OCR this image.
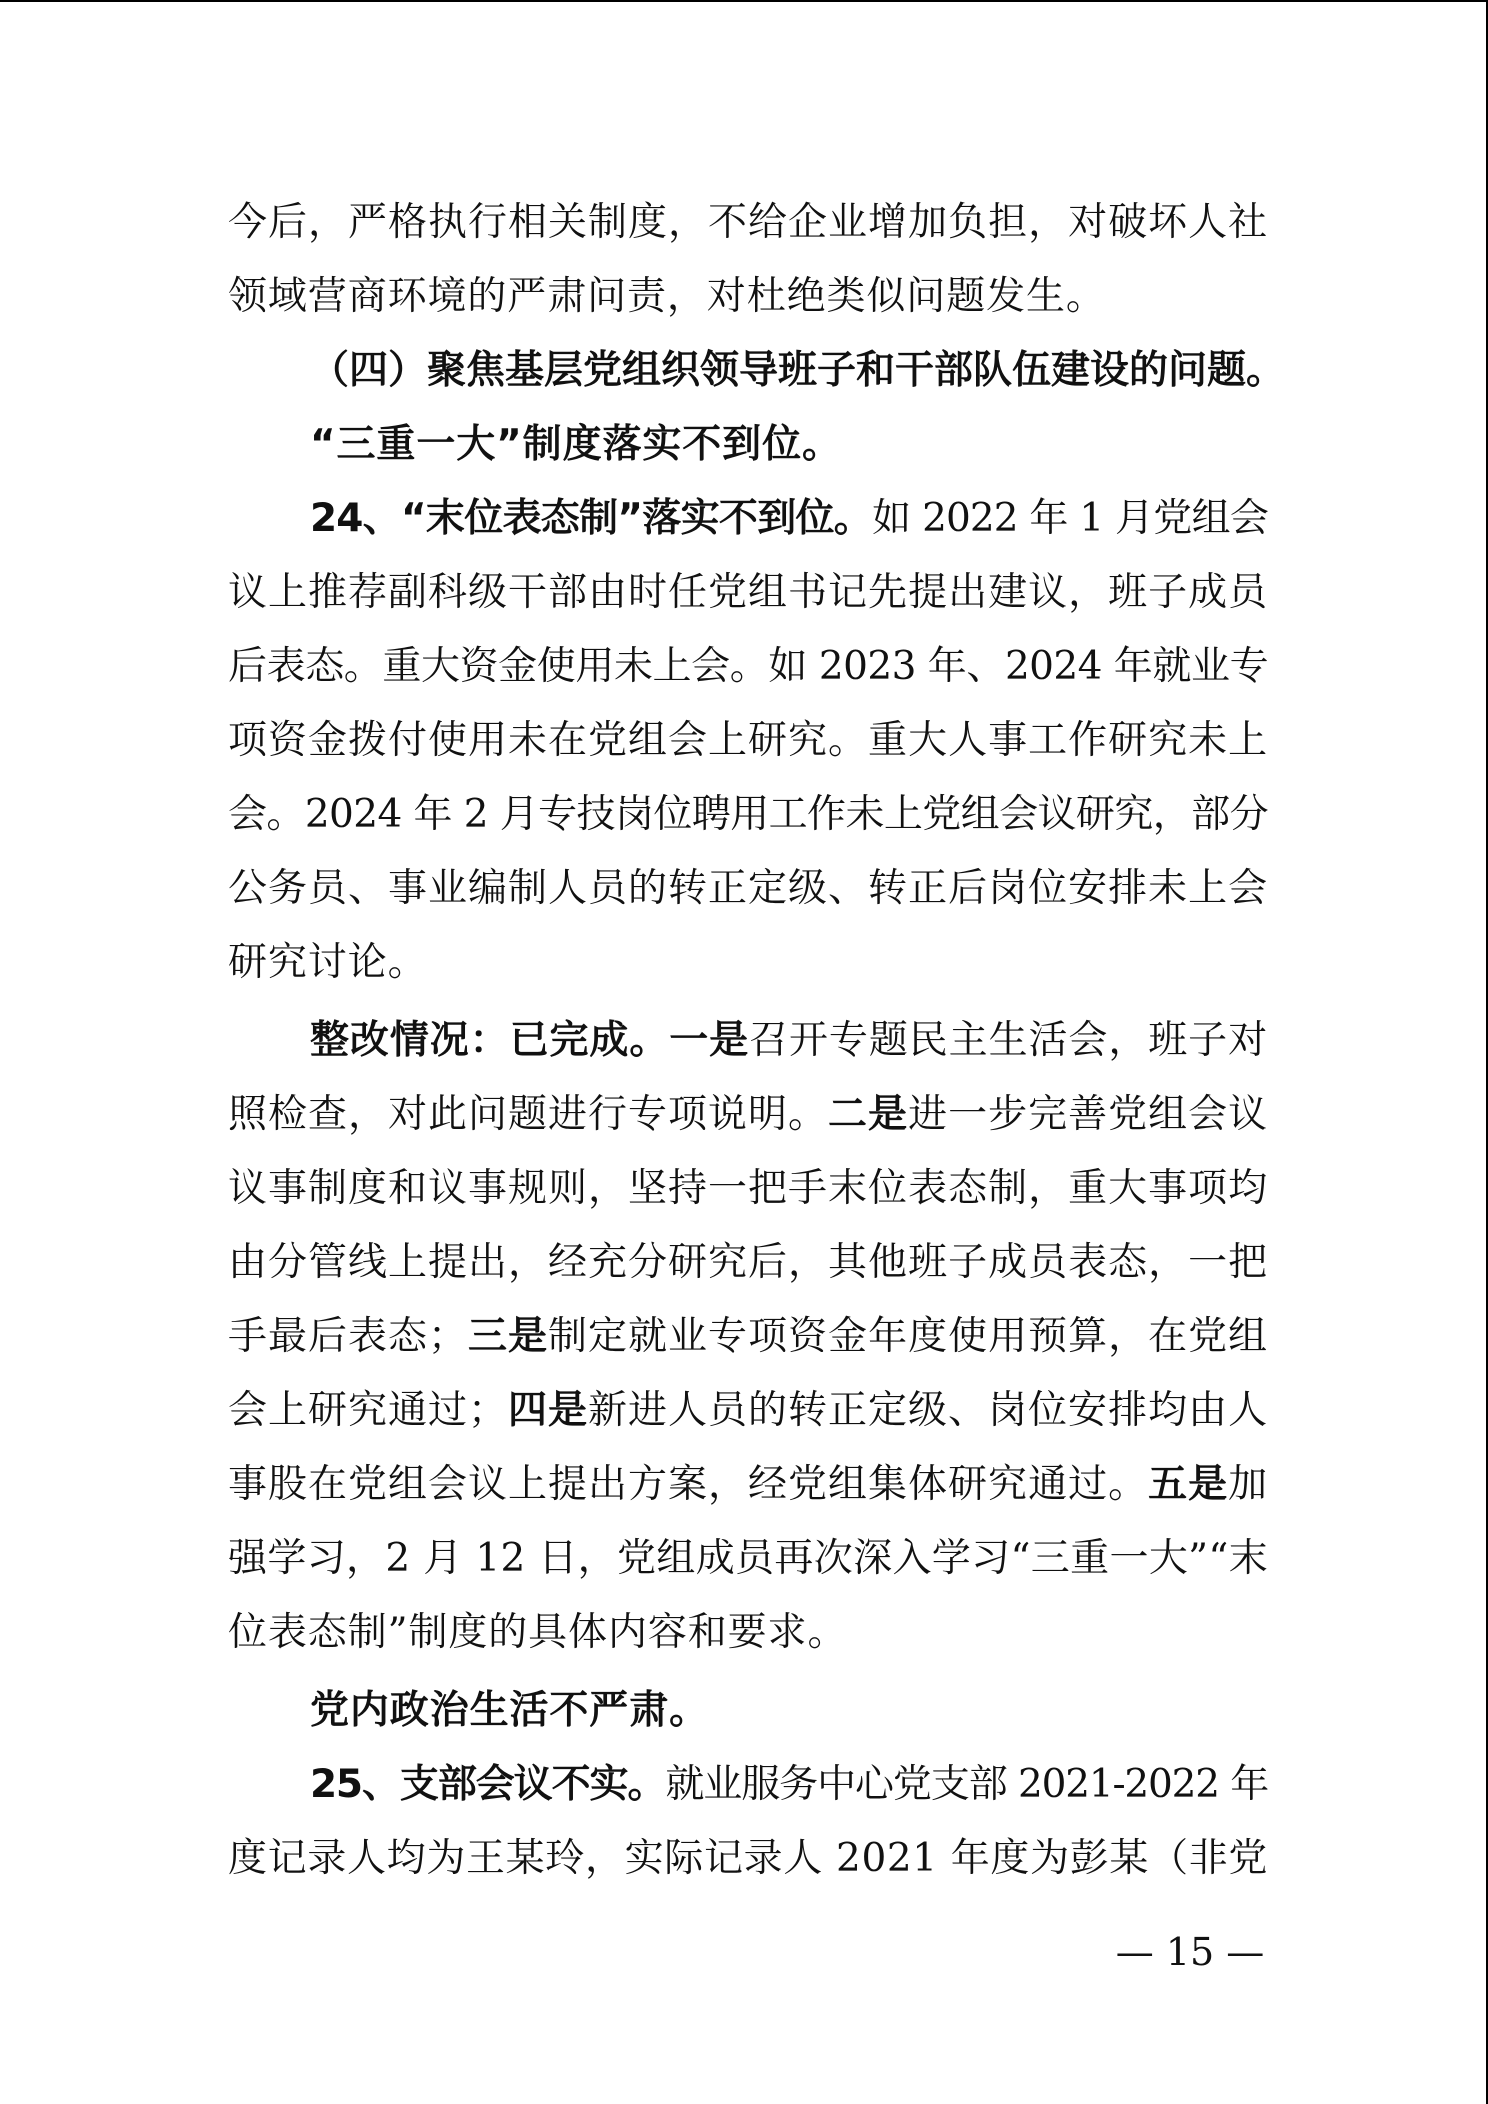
今后，严格执行相关制度，不给企业增加负担，对破坏人社
领域营商环境的严肃问责，对杜绝类似问题发生。
（四）聚焦基层党组织领导班子和干部队伍建设的问题。
“三重一大”制度落实不到位。
24、“末位表态制”落实不到位。如 2022 年 1 月党组会
议上推荐副科级干部由时任党组书记先提出建议，班子成员
后表态。重大资金使用未上会。如 2023 年、2024 年就业专
项资金拨付使用未在党组会上研究。重大人事工作研究未上
会。2024 年 2 月专技岗位聘用工作未上党组会议研究，部分
公务员、事业编制人员的转正定级、转正后岗位安排未上会
研究讨论。
整改情况：已完成。一是召开专题民主生活会，班子对
照检查，对此问题进行专项说明。二是进一步完善党组会议
议事制度和议事规则，坚持一把手末位表态制，重大事项均
由分管线上提出，经充分研究后，其他班子成员表态，一把
手最后表态；三是制定就业专项资金年度使用预算，在党组
会上研究通过；四是新进人员的转正定级、岗位安排均由人
事股在党组会议上提出方案，经党组集体研究通过。五是加
强学习，2 月 12 日，党组成员再次深入学习“三重一大”“末
位表态制”制度的具体内容和要求。
党内政治生活不严肃。
25、支部会议不实。就业服务中心党支部 2021-2022 年
度记录人均为王某玲，实际记录人 2021 年度为彭某（非党
— 15 —
